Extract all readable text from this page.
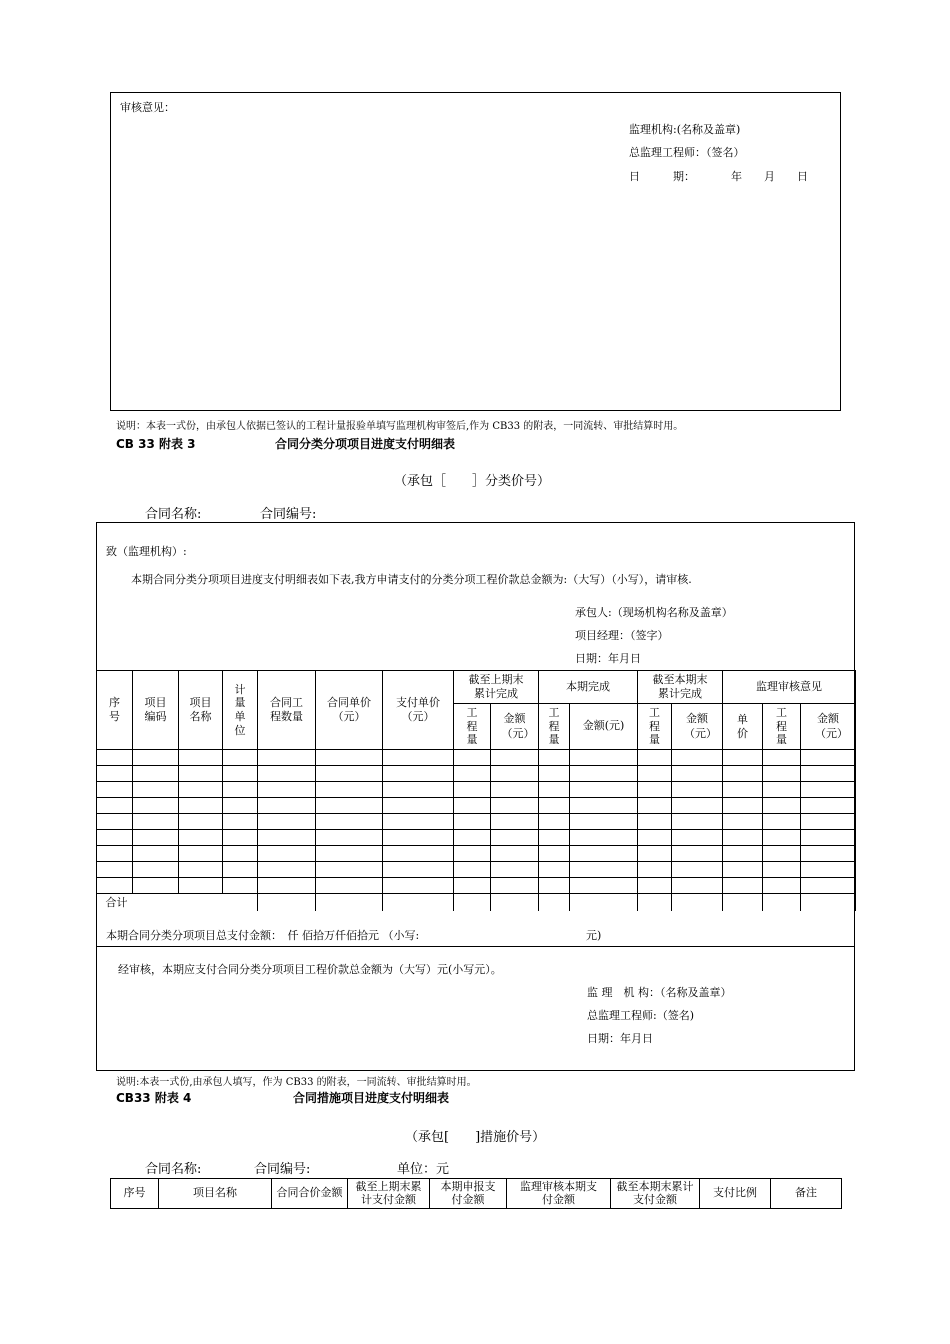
审核意见：
监理机构:(名称及盖章)
总监理工程师：（签名）
日　　　期：	年　　月　　日
说明：本表一式份，由承包人依据已签认的工程计量报验单填写监理机构审签后,作为 CB33 的附表，一同流转、审批结算时用。
CB 33 附表 3	合同分类分项项目进度支付明细表
（承包［　　］分类价号）
合同名称:	合同编号:
致（监理机构）:
本期合同分类分项项目进度支付明细表如下表,我方申请支付的分类分项工程价款总金额为:（大写）（小写），请审核.
承包人:（现场机构名称及盖章）
项目经理：（签字）
日期：年月日
序号	项目编码	项目名称	计量单位	合同工程数量	合同单价（元）	支付单价（元）	截至上期末累计完成		本期完成		截至本期末累计完成		监理审核意见		
							工程量	金额（元）	工程量	金额(元)	工程量	金额（元）	单价	工程量	金额（元）

合计															
本期合同分类分项项目总支付金额：　仟 佰拾万仟佰拾元 （小写:	元)
经审核，本期应支付合同分类分项项目工程价款总金额为（大写）元(小写元）。
监 理　机 构：（名称及盖章）
总监理工程师:（签名)
日期：年月日
说明:本表一式份,由承包人填写，作为 CB33 的附表，一同流转、审批结算时用。
CB33 附表 4	合同措施项目进度支付明细表
（承包[　　]措施价号）
合同名称:	合同编号:	单位：元
序号	项目名称	合同合价金额	截至上期末累计支付金额	本期申报支付金额	监理审核本期支付金额	截至本期末累计支付金额	支付比例	备注
